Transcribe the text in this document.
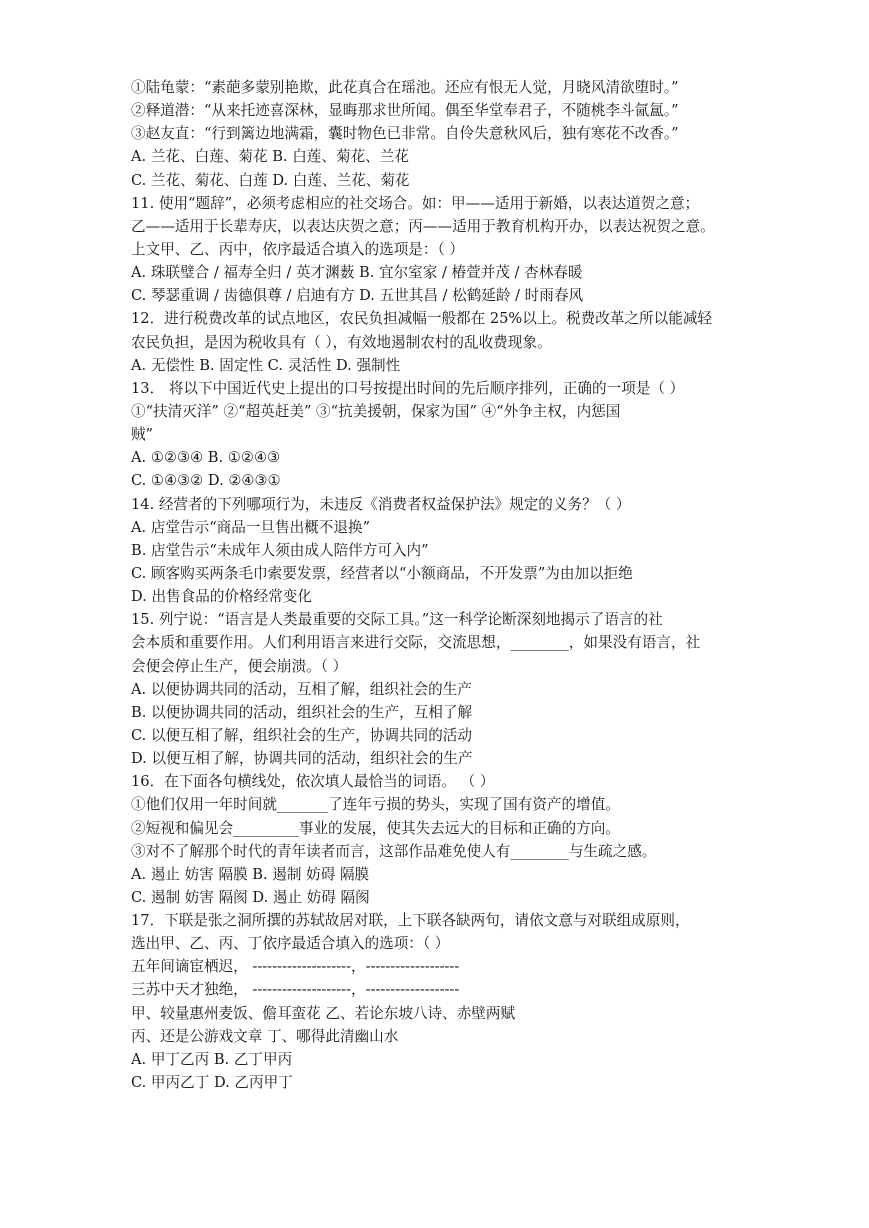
①陆龟蒙：“素葩多蒙别艳欺，此花真合在瑶池。还应有恨无人觉，月晓风清欲堕时。”
②释道潜：“从来托迹喜深林，显晦那求世所闻。偶至华堂奉君子，不随桃李斗氤氲。”
③赵友直：“行到篱边地满霜，囊时物色已非常。自伶失意秋风后，独有寒花不改香。”
A. 兰花、白莲、菊花 B. 白莲、菊花、兰花
C. 兰花、菊花、白莲 D. 白莲、兰花、菊花
11. 使用“题辞”，必须考虑相应的社交场合。如：甲——适用于新婚，以表达道贺之意；
乙——适用于长辈寿庆，以表达庆贺之意；丙——适用于教育机构开办，以表达祝贺之意。
上文甲、乙、丙中，依序最适合填入的选项是：（ ）
A. 珠联璧合 / 福寿全归 / 英才渊薮 B. 宜尔室家 / 椿萱并茂 / 杏林春暖
C. 琴瑟重调 / 齿德俱尊 / 启迪有方 D. 五世其昌 / 松鹤延龄 / 时雨春风
12．进行税费改革的试点地区，农民负担减幅一般都在 25%以上。税费改革之所以能减轻
农民负担，是因为税收具有（ ），有效地遏制农村的乱收费现象。
A. 无偿性 B. 固定性 C. 灵活性 D. 强制性
13． 将以下中国近代史上提出的口号按提出时间的先后顺序排列，正确的一项是（ ）
①“扶清灭洋” ②“超英赶美” ③“抗美援朝，保家为国” ④“外争主权，内惩国
贼”
A. ①②③④ B. ①②④③
C. ①④③② D. ②④③①
14. 经营者的下列哪项行为，未违反《消费者权益保护法》规定的义务？（ ）
A. 店堂告示“商品一旦售出概不退换”
B. 店堂告示“未成年人须由成人陪伴方可入内”
C. 顾客购买两条毛巾索要发票，经营者以“小额商品，不开发票”为由加以拒绝
D. 出售食品的价格经常变化
15. 列宁说：“语言是人类最重要的交际工具。”这一科学论断深刻地揭示了语言的社
会本质和重要作用。人们利用语言来进行交际，交流思想，________，如果没有语言，社
会便会停止生产，便会崩溃。（ ）
A. 以便协调共同的活动，互相了解，组织社会的生产
B. 以便协调共同的活动，组织社会的生产，互相了解
C. 以便互相了解，组织社会的生产，协调共同的活动
D. 以便互相了解，协调共同的活动，组织社会的生产
16．在下面各句横线处，依次填人最恰当的词语。 （ ）
①他们仅用一年时间就_______了连年亏损的势头，实现了国有资产的增值。
②短视和偏见会_________事业的发展，使其失去远大的目标和正确的方向。
③对不了解那个时代的青年读者而言，这部作品难免使人有________与生疏之感。
A. 遏止 妨害 隔膜 B. 遏制 妨碍 隔膜
C. 遏制 妨害 隔阂 D. 遏止 妨碍 隔阂
17．下联是张之洞所撰的苏轼故居对联，上下联各缺两句，请依文意与对联组成原则，
选出甲、乙、丙、丁依序最适合填入的选项：（ ）
五年间谪宦栖迟， --------------------，-------------------
三苏中天才独绝， --------------------，-------------------
甲、较量惠州麦饭、儋耳蛮花 乙、若论东坡八诗、赤壁两赋
丙、还是公游戏文章 丁、哪得此清幽山水
A. 甲丁乙丙 B. 乙丁甲丙
C. 甲丙乙丁 D. 乙丙甲丁
